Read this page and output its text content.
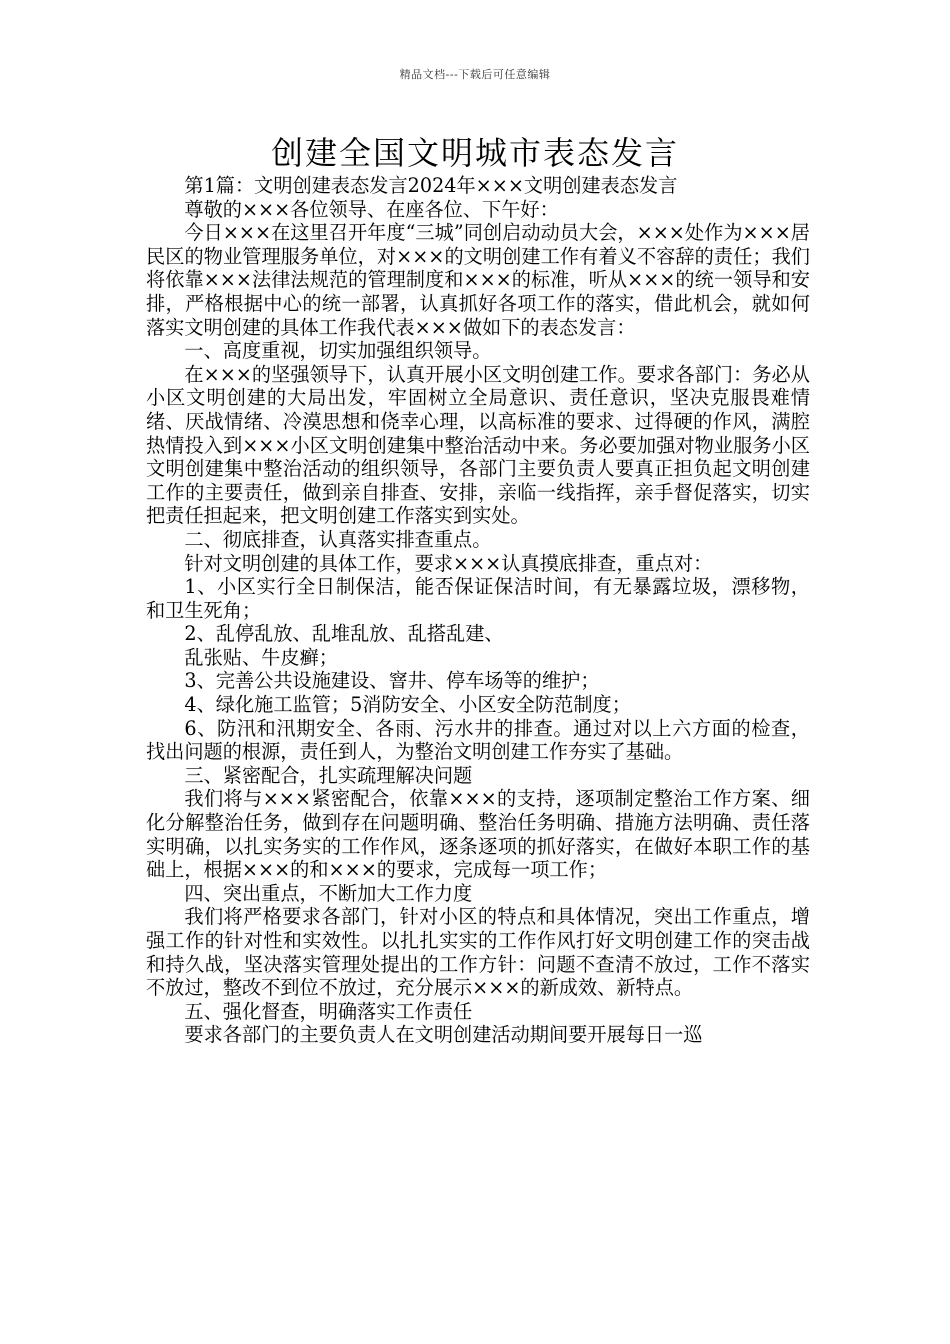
精品文档---下载后可任意编辑
创建全国文明城市表态发言

第1篇：文明创建表态发言2024年×××文明创建表态发言

尊敬的×××各位领导、在座各位、下午好：

今日×××在这里召开年度“三城”同创启动动员大会，×××处作为×××居民区的物业管理服务单位，对×××的文明创建工作有着义不容辞的责任；我们将依靠×××法律法规范的管理制度和×××的标准，听从×××的统一领导和安排，严格根据中心的统一部署，认真抓好各项工作的落实，借此机会，就如何落实文明创建的具体工作我代表×××做如下的表态发言：

一、高度重视，切实加强组织领导。

在×××的坚强领导下，认真开展小区文明创建工作。要求各部门：务必从小区文明创建的大局出发，牢固树立全局意识、责任意识，坚决克服畏难情绪、厌战情绪、冷漠思想和侥幸心理，以高标准的要求、过得硬的作风，满腔热情投入到×××小区文明创建集中整治活动中来。务必要加强对物业服务小区文明创建集中整治活动的组织领导，各部门主要负责人要真正担负起文明创建工作的主要责任，做到亲自排查、安排，亲临一线指挥，亲手督促落实，切实把责任担起来，把文明创建工作落实到实处。

二、彻底排查，认真落实排查重点。

针对文明创建的具体工作，要求×××认真摸底排查，重点对：

1、小区实行全日制保洁，能否保证保洁时间，有无暴露垃圾，漂移物，和卫生死角；

2、乱停乱放、乱堆乱放、乱搭乱建、

乱张贴、牛皮癣；

3、完善公共设施建设、窨井、停车场等的维护；

4、绿化施工监管；5消防安全、小区安全防范制度；

6、防汛和汛期安全、各雨、污水井的排查。通过对以上六方面的检查，找出问题的根源，责任到人，为整治文明创建工作夯实了基础。

三、紧密配合，扎实疏理解决问题

我们将与×××紧密配合，依靠×××的支持，逐项制定整治工作方案、细化分解整治任务，做到存在问题明确、整治任务明确、措施方法明确、责任落实明确，以扎实务实的工作作风，逐条逐项的抓好落实，在做好本职工作的基础上，根据×××的和×××的要求，完成每一项工作；

四、突出重点，不断加大工作力度

我们将严格要求各部门，针对小区的特点和具体情况，突出工作重点，增强工作的针对性和实效性。以扎扎实实的工作作风打好文明创建工作的突击战和持久战，坚决落实管理处提出的工作方针：问题不查清不放过，工作不落实不放过，整改不到位不放过，充分展示×××的新成效、新特点。

五、强化督查，明确落实工作责任

要求各部门的主要负责人在文明创建活动期间要开展每日一巡
